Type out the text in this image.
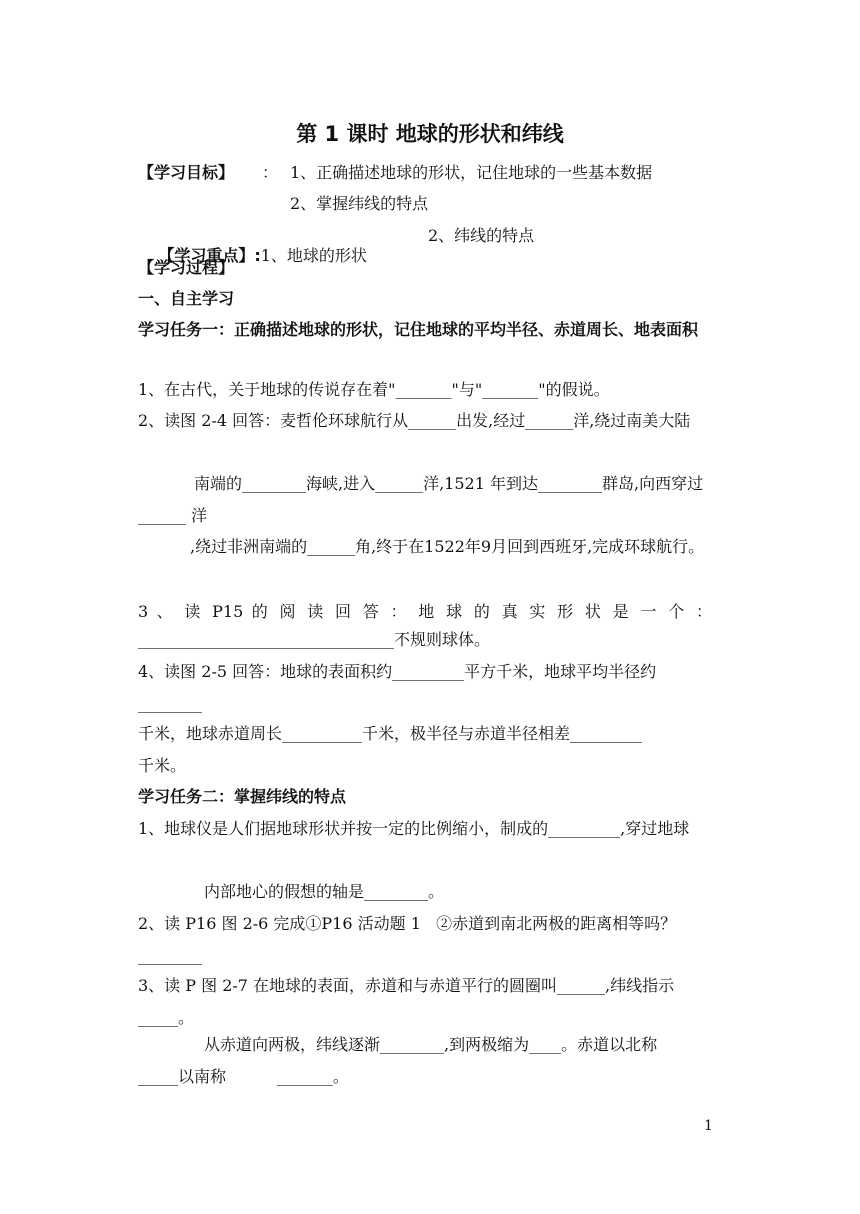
第 1 课时 地球的形状和纬线
【学习目标】 ： 1、正确描述地球的形状，记住地球的一些基本数据
2、掌握纬线的特点

【学习重点】:1、地球的形状

2、纬线的特点
【学习过程】
一、自主学习
学习任务一：正确描述地球的形状，记住地球的平均半径、赤道周长、地表面积
1、在古代，关于地球的传说存在着"_______"与"_______"的假说。
2、读图 2-4 回答：麦哲伦环球航行从______出发,经过______洋,绕过南美大陆
南端的________海峡,进入______洋,1521 年到达________群岛,向西穿过______ 洋
,绕过非洲南端的______角,终于在1522年9月回到西班牙,完成环球航行。
3 、 读 P15 的 阅 读 回 答 ： 地 球 的 真 实 形 状 是 一 个 ：
________________________________不规则球体。
4、读图 2-5 回答：地球的表面积约_________平方千米，地球平均半径约
________
千米，地球赤道周长__________千米，极半径与赤道半径相差_________
千米。
学习任务二：掌握纬线的特点
1、地球仪是人们据地球形状并按一定的比例缩小，制成的_________,穿过地球
内部地心的假想的轴是________。
2、读 P16 图 2-6 完成①P16 活动题 1   ②赤道到南北两极的距离相等吗？
________
3、读 P 图 2-7 在地球的表面，赤道和与赤道平行的圆圈叫______,纬线指示_____。
从赤道向两极，纬线逐渐________,到两极缩为____。赤道以北称
_____以南称          _______。
1
